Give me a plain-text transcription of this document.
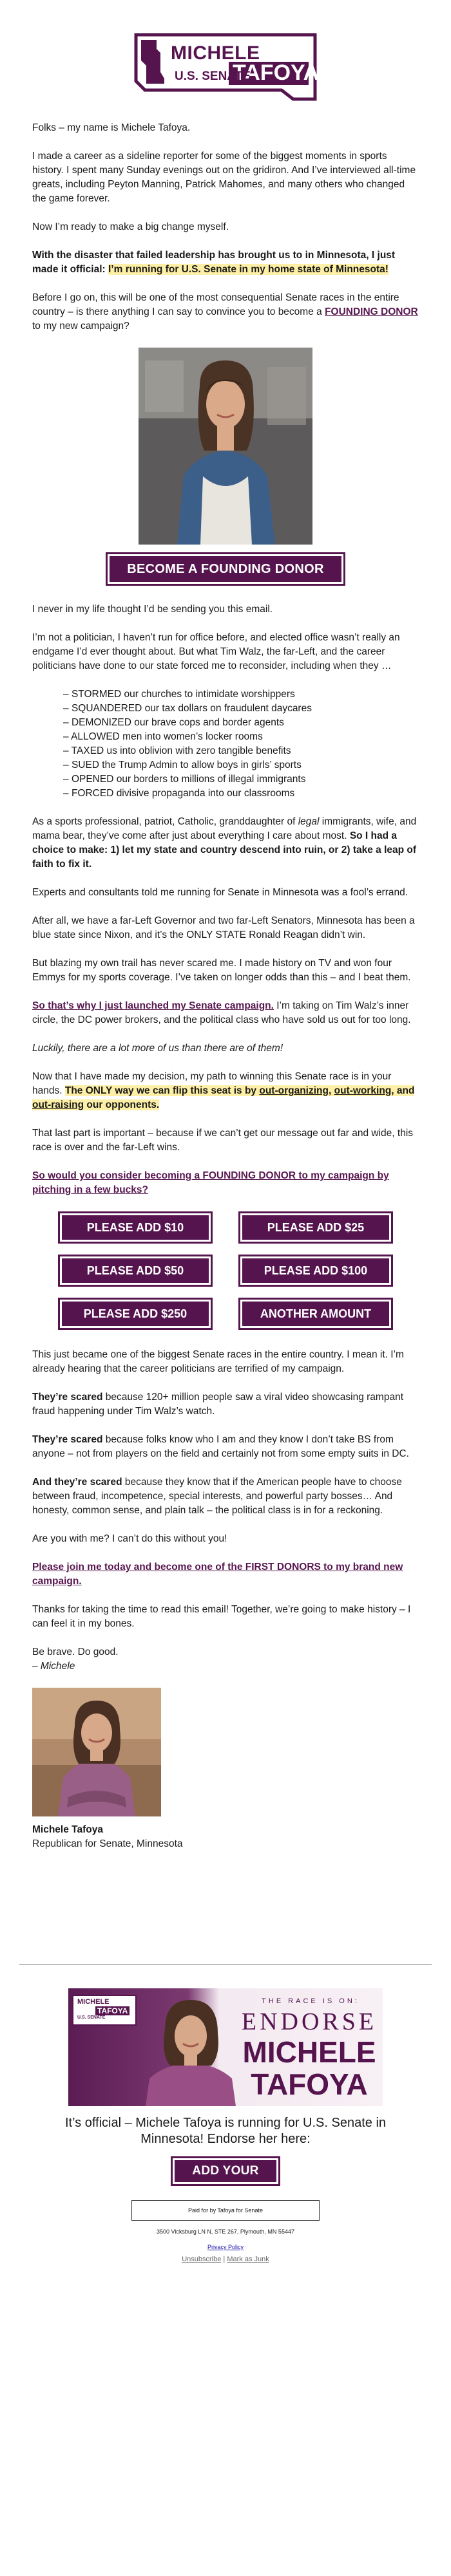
MICHELE
TAFOYA
U.S. SENATE

Folks – my name is Michele Tafoya.

I made a career as a sideline reporter for some of the biggest moments in sports history. I spent many Sunday evenings out on the gridiron. And I’ve interviewed all-time greats, including Peyton Manning, Patrick Mahomes, and many others who changed the game forever.

Now I’m ready to make a big change myself.

With the disaster that failed leadership has brought us to in Minnesota, I just made it official: I’m running for U.S. Senate in my home state of Minnesota!

Before I go on, this will be one of the most consequential Senate races in the entire country – is there anything I can say to convince you to become a FOUNDING DONOR to my new campaign?

BECOME A FOUNDING DONOR

I never in my life thought I’d be sending you this email.

I’m not a politician, I haven’t run for office before, and elected office wasn’t really an endgame I’d ever thought about. But what Tim Walz, the far-Left, and the career politicians have done to our state forced me to reconsider, including when they …

– STORMED our churches to intimidate worshippers
– SQUANDERED our tax dollars on fraudulent daycares
– DEMONIZED our brave cops and border agents
– ALLOWED men into women’s locker rooms
– TAXED us into oblivion with zero tangible benefits
– SUED the Trump Admin to allow boys in girls’ sports
– OPENED our borders to millions of illegal immigrants
– FORCED divisive propaganda into our classrooms

As a sports professional, patriot, Catholic, granddaughter of legal immigrants, wife, and mama bear, they’ve come after just about everything I care about most. So I had a choice to make: 1) let my state and country descend into ruin, or 2) take a leap of faith to fix it.

Experts and consultants told me running for Senate in Minnesota was a fool’s errand.

After all, we have a far-Left Governor and two far-Left Senators, Minnesota has been a blue state since Nixon, and it’s the ONLY STATE Ronald Reagan didn’t win.

But blazing my own trail has never scared me. I made history on TV and won four Emmys for my sports coverage. I’ve taken on longer odds than this – and I beat them.

So that’s why I just launched my Senate campaign. I’m taking on Tim Walz’s inner circle, the DC power brokers, and the political class who have sold us out for too long.

Luckily, there are a lot more of us than there are of them!

Now that I have made my decision, my path to winning this Senate race is in your hands. The ONLY way we can flip this seat is by out-organizing, out-working, and out-raising our opponents.

That last part is important – because if we can’t get our message out far and wide, this race is over and the far-Left wins.

So would you consider becoming a FOUNDING DONOR to my campaign by pitching in a few bucks?

PLEASE ADD $10	PLEASE ADD $25
PLEASE ADD $50	PLEASE ADD $100
PLEASE ADD $250	ANOTHER AMOUNT

This just became one of the biggest Senate races in the entire country. I mean it. I’m already hearing that the career politicians are terrified of my campaign.

They’re scared because 120+ million people saw a viral video showcasing rampant fraud happening under Tim Walz’s watch.

They’re scared because folks know who I am and they know I don’t take BS from anyone – not from players on the field and certainly not from some empty suits in DC.

And they’re scared because they know that if the American people have to choose between fraud, incompetence, special interests, and powerful party bosses… And honesty, common sense, and plain talk – the political class is in for a reckoning.

Are you with me? I can’t do this without you!

Please join me today and become one of the FIRST DONORS to my brand new campaign.

Thanks for taking the time to read this email! Together, we’re going to make history – I can feel it in my bones.

Be brave. Do good.
– Michele
Michele Tafoya
Republican for Senate, Minnesota
MICHELE
TAFOYA
U.S. SENATE
THE RACE IS ON:
ENDORSE
MICHELE
TAFOYA

It’s official – Michele Tafoya is running for U.S. Senate in Minnesota! Endorse her here:

ADD YOUR NAME
Paid for by Tafoya for Senate
3500 Vicksburg LN N, STE 267, Plymouth, MN 55447
Privacy Policy
Unsubscribe | Mark as Junk
